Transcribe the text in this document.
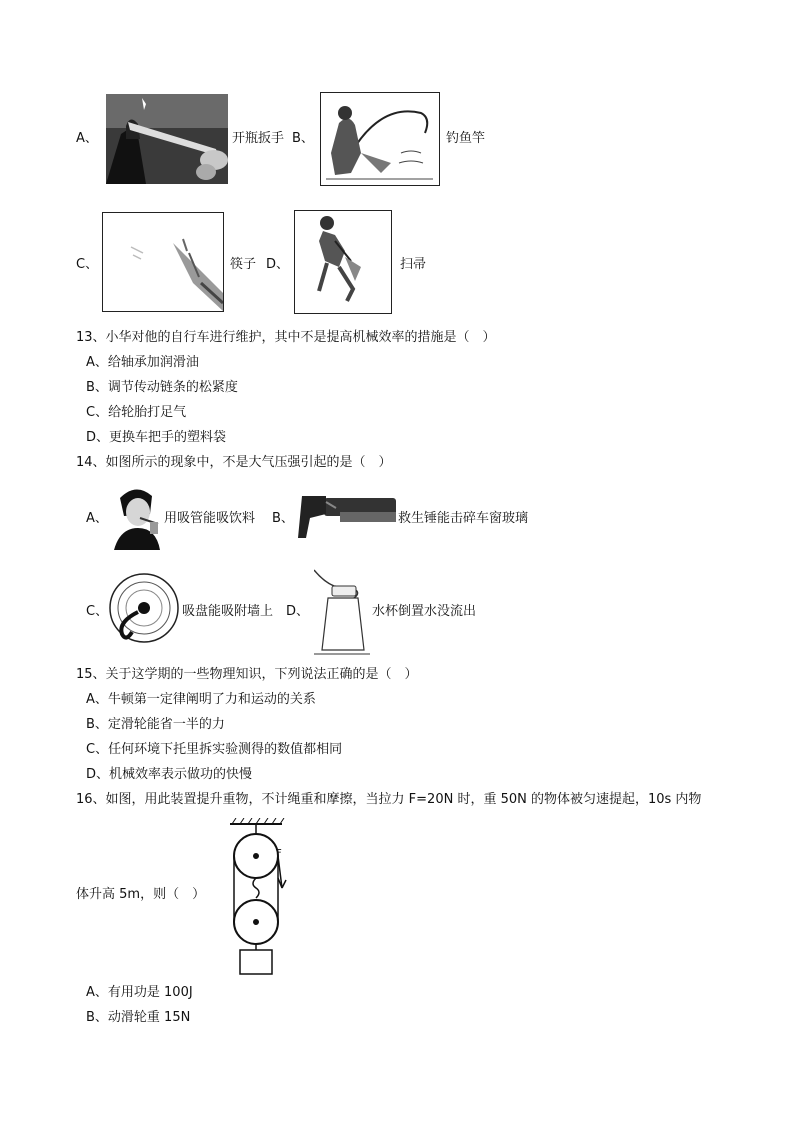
A、	开瓶扳手 B、	钓鱼竿
C、	筷子 D、	扫帚
13、小华对他的自行车进行维护，其中不是提高机械效率的措施是（　）
A、给轴承加润滑油
B、调节传动链条的松紧度
C、给轮胎打足气
D、更换车把手的塑料袋
14、如图所示的现象中，不是大气压强引起的是（　）
A、	用吸管能吸饮料 B、	救生锤能击碎车窗玻璃
C、	吸盘能吸附墙上 D、	水杯倒置水没流出
15、关于这学期的一些物理知识，下列说法正确的是（　）
A、牛顿第一定律阐明了力和运动的关系
B、定滑轮能省一半的力
C、任何环境下托里拆实验测得的数值都相同
D、机械效率表示做功的快慢
16、如图，用此装置提升重物，不计绳重和摩擦，当拉力 F=20N 时，重 50N 的物体被匀速提起，10s 内物
F
体升高 5m，则（　）
A、有用功是 100J
B、动滑轮重 15N
